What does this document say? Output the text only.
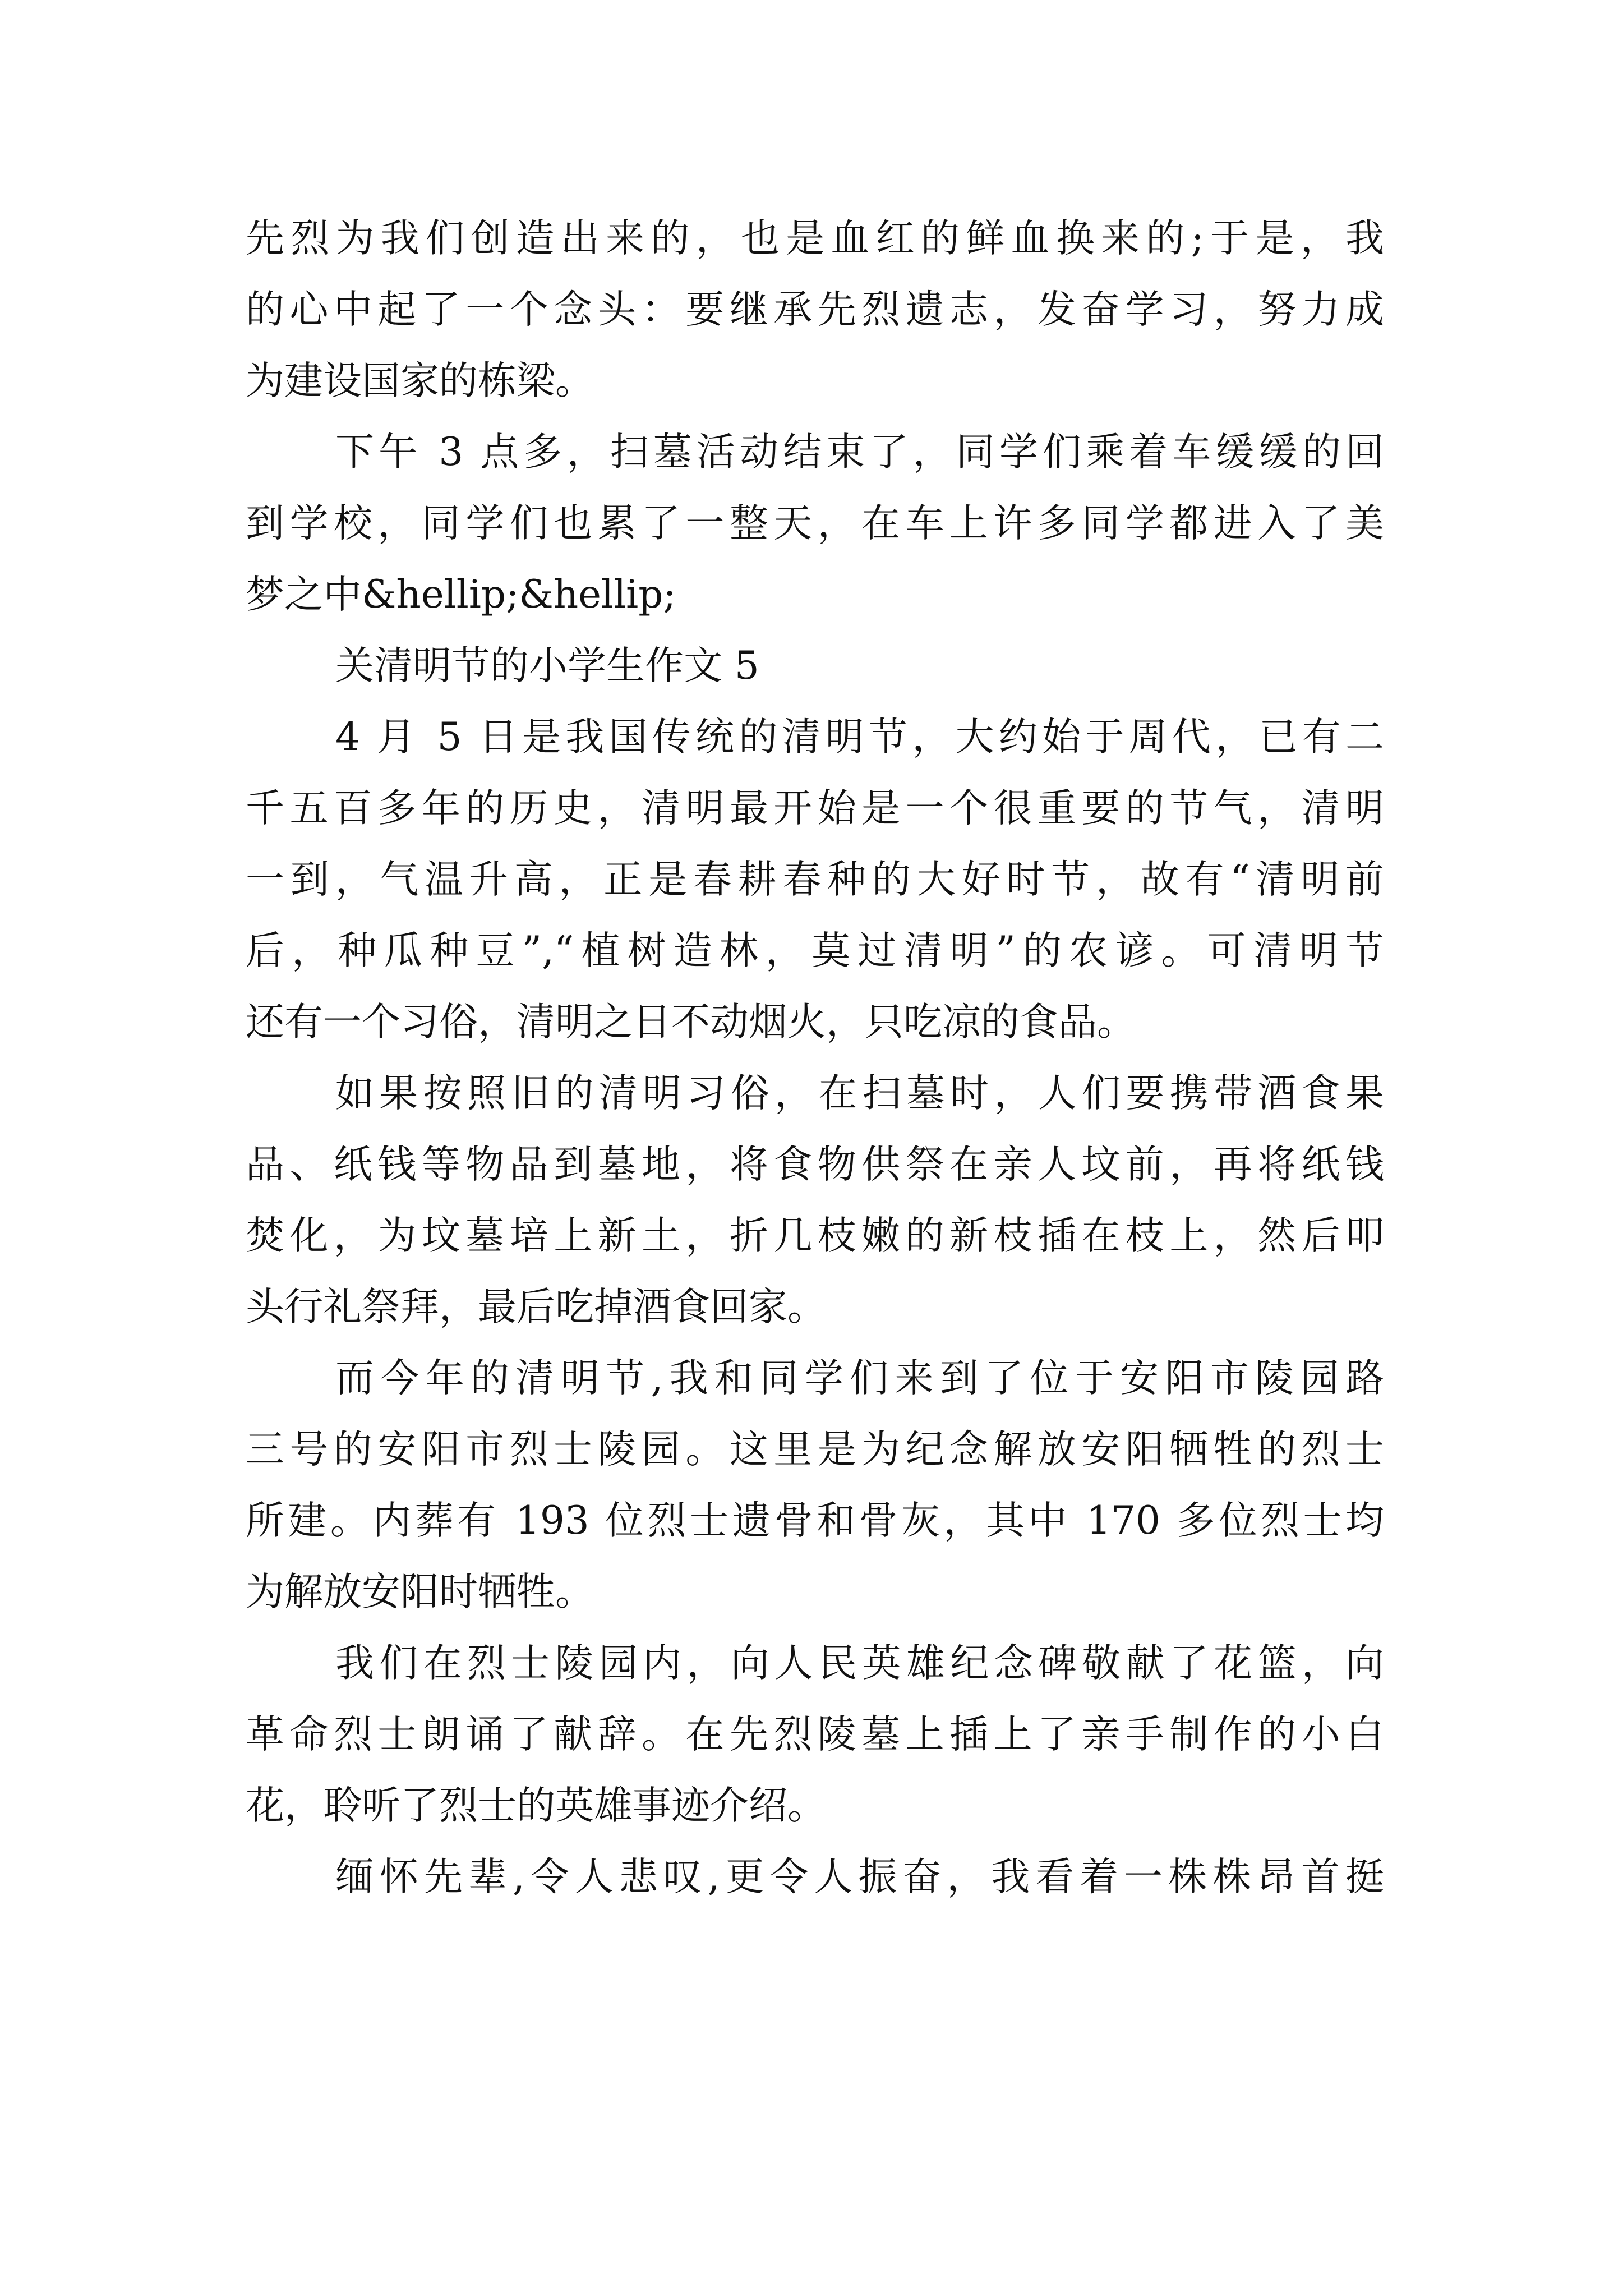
先烈为我们创造出来的，也是血红的鲜血换来的;于是，我
的心中起了一个念头：要继承先烈遗志，发奋学习，努力成
为建设国家的栋梁。
下午 3 点多，扫墓活动结束了，同学们乘着车缓缓的回
到学校，同学们也累了一整天，在车上许多同学都进入了美
梦之中&hellip;&hellip;
关清明节的小学生作文 5
4 月 5 日是我国传统的清明节，大约始于周代，已有二
千五百多年的历史，清明最开始是一个很重要的节气，清明
一到，气温升高，正是春耕春种的大好时节，故有“清明前
后，种瓜种豆”,“植树造林，莫过清明”的农谚。可清明节
还有一个习俗，清明之日不动烟火，只吃凉的食品。
如果按照旧的清明习俗，在扫墓时，人们要携带酒食果
品、纸钱等物品到墓地，将食物供祭在亲人坟前，再将纸钱
焚化，为坟墓培上新土，折几枝嫩的新枝插在枝上，然后叩
头行礼祭拜，最后吃掉酒食回家。
而今年的清明节,我和同学们来到了位于安阳市陵园路
三号的安阳市烈士陵园。这里是为纪念解放安阳牺牲的烈士
所建。内葬有 193 位烈士遗骨和骨灰，其中 170 多位烈士均
为解放安阳时牺牲。
我们在烈士陵园内，向人民英雄纪念碑敬献了花篮，向
革命烈士朗诵了献辞。在先烈陵墓上插上了亲手制作的小白
花，聆听了烈士的英雄事迹介绍。
缅怀先辈,令人悲叹,更令人振奋，我看着一株株昂首挺
